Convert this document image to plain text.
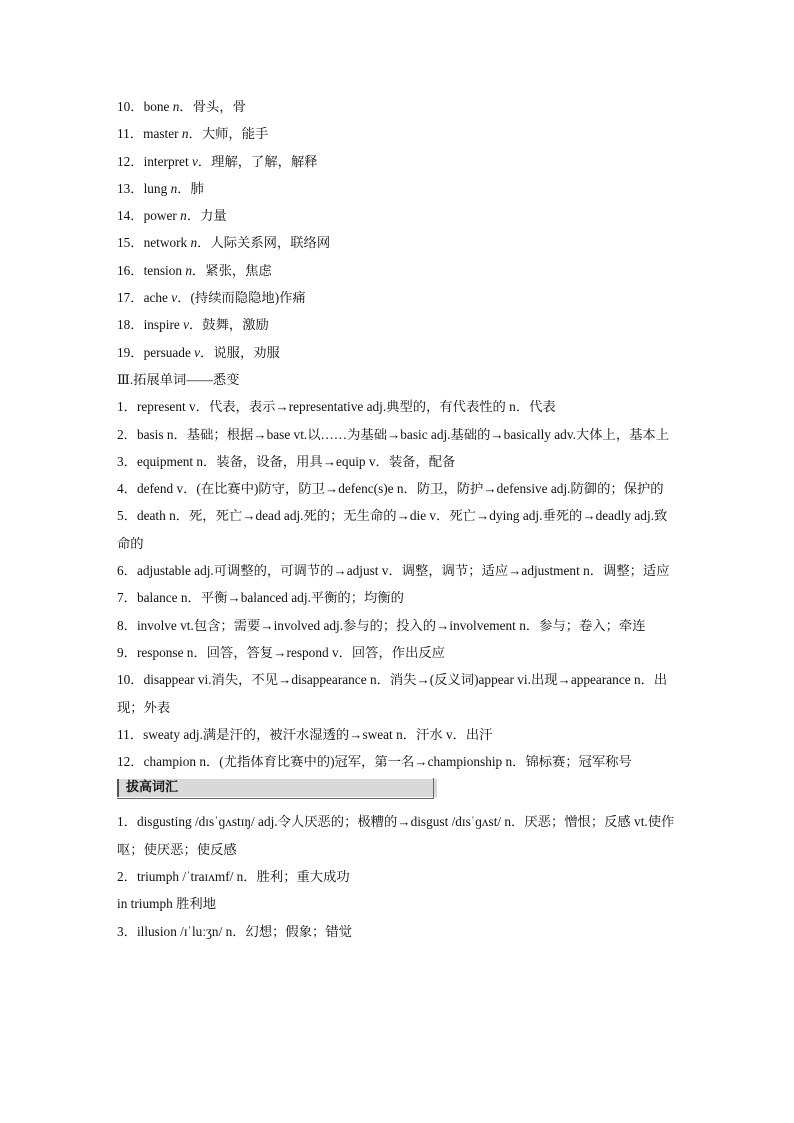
10．bone n．骨头，骨
11．master n．大师，能手
12．interpret v．理解，了解，解释
13．lung n．肺
14．power n．力量
15．network n．人际关系网，联络网
16．tension n．紧张，焦虑
17．ache v．(持续而隐隐地)作痛
18．inspire v．鼓舞，激励
19．persuade v．说服，劝服
Ⅲ.拓展单词——悉变
1．represent v．代表，表示→representative adj.典型的，有代表性的 n．代表
2．basis n．基础；根据→base vt.以……为基础→basic adj.基础的→basically adv.大体上，基本上
3．equipment n．装备，设备，用具→equip v．装备，配备
4．defend v．(在比赛中)防守，防卫→defenc(s)e n．防卫，防护→defensive adj.防御的；保护的
5．death n．死，死亡→dead adj.死的；无生命的→die v．死亡→dying adj.垂死的→deadly adj.致命的
6．adjustable adj.可调整的，可调节的→adjust v．调整，调节；适应→adjustment n．调整；适应
7．balance n．平衡→balanced adj.平衡的；均衡的
8．involve vt.包含；需要→involved adj.参与的；投入的→involvement n．参与；卷入；牵连
9．response n．回答，答复→respond v．回答，作出反应
10．disappear vi.消失，不见→disappearance n．消失→(反义词)appear vi.出现→appearance n．出现；外表
11．sweaty adj.满是汗的，被汗水湿透的→sweat n．汗水 v．出汗
12．champion n．(尤指体育比赛中的)冠军，第一名→championship n．锦标赛；冠军称号
拔高词汇
1．disgusting /dɪsˈɡʌstɪŋ/ adj.令人厌恶的；极糟的→disgust /dɪsˈɡʌst/ n．厌恶；憎恨；反感 vt.使作呕；使厌恶；使反感
2．triumph /ˈtraɪʌmf/ n．胜利；重大成功
in triumph 胜利地
3．illusion /ɪˈluːʒn/ n．幻想；假象；错觉
